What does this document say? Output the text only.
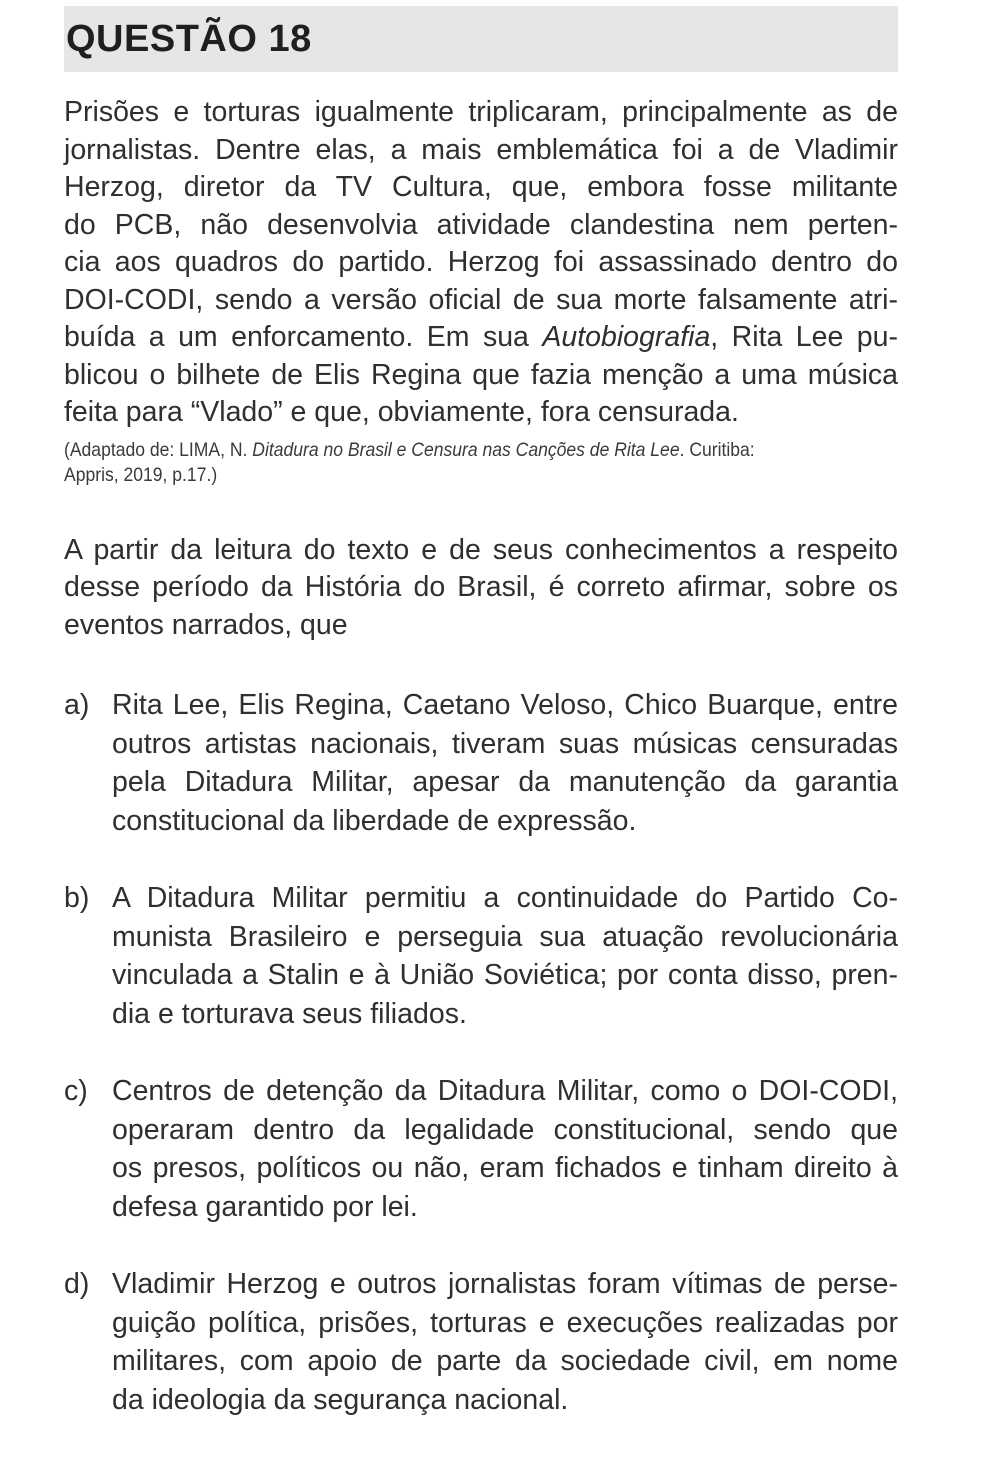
QUESTÃO 18
Prisões e torturas igualmente triplicaram, principalmente as de
jornalistas. Dentre elas, a mais emblemática foi a de Vladimir
Herzog, diretor da TV Cultura, que, embora fosse militante
do PCB, não desenvolvia atividade clandestina nem perten-
cia aos quadros do partido. Herzog foi assassinado dentro do
DOI-CODI, sendo a versão oficial de sua morte falsamente atri-
buída a um enforcamento. Em sua Autobiografia, Rita Lee pu-
blicou o bilhete de Elis Regina que fazia menção a uma música
feita para “Vlado” e que, obviamente, fora censurada.
(Adaptado de: LIMA, N. Ditadura no Brasil e Censura nas Canções de Rita Lee. Curitiba:
Appris, 2019, p.17.)
A partir da leitura do texto e de seus conhecimentos a respeito
desse período da História do Brasil, é correto afirmar, sobre os
eventos narrados, que
a) Rita Lee, Elis Regina, Caetano Veloso, Chico Buarque, entre
outros artistas nacionais, tiveram suas músicas censuradas
pela Ditadura Militar, apesar da manutenção da garantia
constitucional da liberdade de expressão.
b) A Ditadura Militar permitiu a continuidade do Partido Co-
munista Brasileiro e perseguia sua atuação revolucionária
vinculada a Stalin e à União Soviética; por conta disso, pren-
dia e torturava seus filiados.
c) Centros de detenção da Ditadura Militar, como o DOI-CODI,
operaram dentro da legalidade constitucional, sendo que
os presos, políticos ou não, eram fichados e tinham direito à
defesa garantido por lei.
d) Vladimir Herzog e outros jornalistas foram vítimas de perse-
guição política, prisões, torturas e execuções realizadas por
militares, com apoio de parte da sociedade civil, em nome
da ideologia da segurança nacional.
